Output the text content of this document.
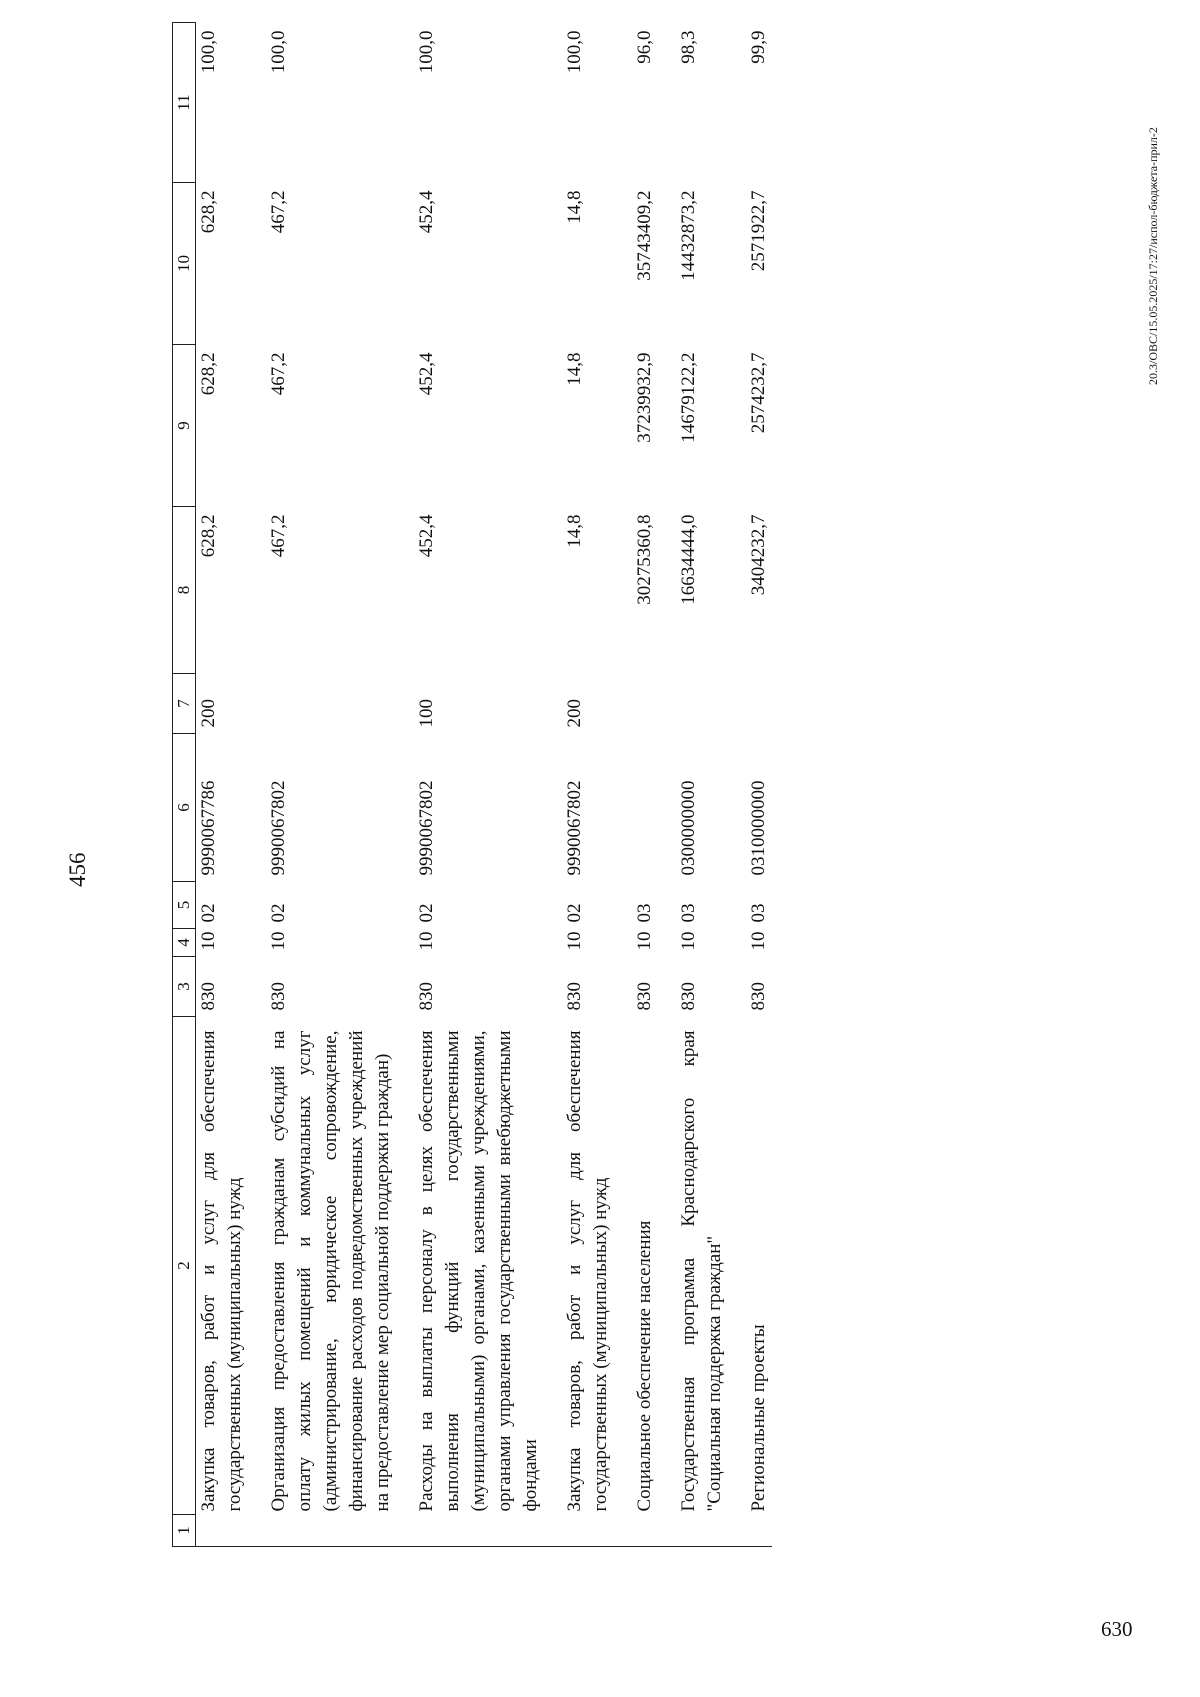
630
456
1	2	3	4	5	6	7	8	9	10	11
	Закупка товаров, работ и услуг для обеспечения государственных (муниципальных) нужд	830	10	02	9990067786	200	628,2	628,2	628,2	100,0

	Организация предоставления гражданам субсидий на оплату жилых помещений и коммунальных услуг (администрирование, юридическое сопровождение, финансирование расходов подведомственных учреждений на предоставление мер социальной поддержки граждан)	830	10	02	9990067802		467,2	467,2	467,2	100,0

	Расходы на выплаты персоналу в целях обеспечения выполнения функций государственными (муниципальными) органами, казенными учреждениями, органами управления государственными внебюджетными фондами	830	10	02	9990067802	100	452,4	452,4	452,4	100,0

	Закупка товаров, работ и услуг для обеспечения государственных (муниципальных) нужд	830	10	02	9990067802	200	14,8	14,8	14,8	100,0

	Социальное обеспечение населения	830	10	03			30275360,8	37239932,9	35743409,2	96,0

	Государственная программа Краснодарского края "Социальная поддержка граждан"	830	10	03	0300000000		16634444,0	14679122,2	14432873,2	98,3

	Региональные проекты	830	10	03	0310000000		3404232,7	2574232,7	2571922,7	99,9
20.3/ОВС/15.05.2025/17:27/испол-бюджета-прил-2
